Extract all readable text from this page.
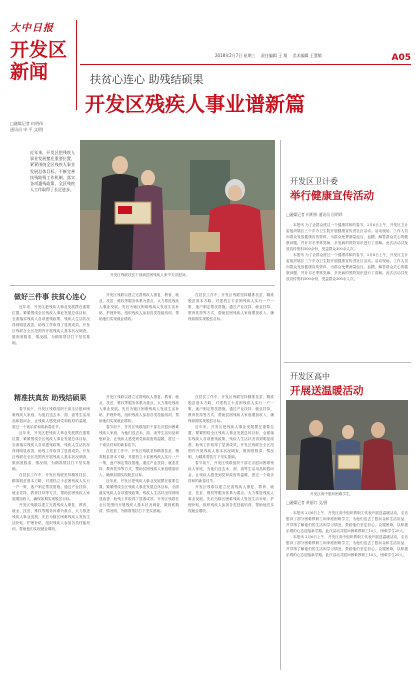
大中日报
开发区
新闻
2018年2月7日 星期三 责任编辑 王 翔 美术编辑 王慧敏	A05
扶贫心连心 助残结硕果
开发区残疾人事业谱新篇
□融媒记者 何明伟
通讯员 申 平 文/图
开发区残联扶贫干部到贫困残疾人家中走访慰问。
近年来，开发区把残疾人事业发展摆在重要位置，紧紧围绕全区残疾人事业发展总体目标，不断完善扶残助残工作机制，落实各项惠残政策，全区残疾人工作取得了长足进步。
做好三件事 扶贫心连心

近年来，开发区把残疾人事业发展摆在重要位置，紧紧围绕全区残疾人事业发展总体目标，全面落实残疾人各项惠残政策，残疾人生活状况得到明显改善，助残工作取得了显著成效。开发区残联在全区范围内开展残疾人基本状况调查，做到底数清、情况明，为精准帮扶打下坚实基础。

开发区残联以建立完善残疾人康复、教育、就业、扶贫、维权等服务体系为重点，大力推进残疾人事业发展。先后为辖区困难残疾人发放生活补贴、护理补贴，组织残疾人参加各类技能培训，帮助他们实现就业增收。

在扶贫工作中，开发区残联坚持精准扶贫、精准脱贫基本方略，对建档立卡贫困残疾人实行一户一策，逐户制定帮扶措施。通过产业扶持、就业扶持、教育扶持等方式，帮助贫困残疾人家庭增加收入，确保如期实现脱贫目标。

精准扶真贫 助残结硕果

春节前夕，开发区残联组织干部走访慰问困难残疾人家庭，为他们送去米、面、油等生活用品和慰问金，让残疾人感受到党和政府的温暖，度过一个欢乐祥和的新春佳节。

近年来，开发区把残疾人事业发展摆在重要位置，紧紧围绕全区残疾人事业发展总体目标，全面落实残疾人各项惠残政策，残疾人生活状况得到明显改善，助残工作取得了显著成效。开发区残联在全区范围内开展残疾人基本状况调查，做到底数清、情况明，为精准帮扶打下坚实基础。

在扶贫工作中，开发区残联坚持精准扶贫、精准脱贫基本方略，对建档立卡贫困残疾人实行一户一策，逐户制定帮扶措施。通过产业扶持、就业扶持、教育扶持等方式，帮助贫困残疾人家庭增加收入，确保如期实现脱贫目标。

开发区残联以建立完善残疾人康复、教育、就业、扶贫、维权等服务体系为重点，大力推进残疾人事业发展。先后为辖区困难残疾人发放生活补贴、护理补贴，组织残疾人参加各类技能培训，帮助他们实现就业增收。

开发区残联以建立完善残疾人康复、教育、就业、扶贫、维权等服务体系为重点，大力推进残疾人事业发展。先后为辖区困难残疾人发放生活补贴、护理补贴，组织残疾人参加各类技能培训，帮助他们实现就业增收。

春节前夕，开发区残联组织干部走访慰问困难残疾人家庭，为他们送去米、面、油等生活用品和慰问金，让残疾人感受到党和政府的温暖，度过一个欢乐祥和的新春佳节。

在扶贫工作中，开发区残联坚持精准扶贫、精准脱贫基本方略，对建档立卡贫困残疾人实行一户一策，逐户制定帮扶措施。通过产业扶持、就业扶持、教育扶持等方式，帮助贫困残疾人家庭增加收入，确保如期实现脱贫目标。

近年来，开发区把残疾人事业发展摆在重要位置，紧紧围绕全区残疾人事业发展总体目标，全面落实残疾人各项惠残政策，残疾人生活状况得到明显改善，助残工作取得了显著成效。开发区残联在全区范围内开展残疾人基本状况调查，做到底数清、情况明，为精准帮扶打下坚实基础。

在扶贫工作中，开发区残联坚持精准扶贫、精准脱贫基本方略，对建档立卡贫困残疾人实行一户一策，逐户制定帮扶措施。通过产业扶持、就业扶持、教育扶持等方式，帮助贫困残疾人家庭增加收入，确保如期实现脱贫目标。

近年来，开发区把残疾人事业发展摆在重要位置，紧紧围绕全区残疾人事业发展总体目标，全面落实残疾人各项惠残政策，残疾人生活状况得到明显改善，助残工作取得了显著成效。开发区残联在全区范围内开展残疾人基本状况调查，做到底数清、情况明，为精准帮扶打下坚实基础。

春节前夕，开发区残联组织干部走访慰问困难残疾人家庭，为他们送去米、面、油等生活用品和慰问金，让残疾人感受到党和政府的温暖，度过一个欢乐祥和的新春佳节。

开发区残联以建立完善残疾人康复、教育、就业、扶贫、维权等服务体系为重点，大力推进残疾人事业发展。先后为辖区困难残疾人发放生活补贴、护理补贴，组织残疾人参加各类技能培训，帮助他们实现就业增收。

开发区卫计委
举行健康宣传活动
□融媒记者 何明伟 通讯员 田明珍

本报讯 为了让群众度过一个健康祥和的春节，2月6日上午，开发区卫计委组织辖区三个乡办卫生院开展健康宣传进社区活动。活动现场，工作人员向群众发放健康宣传资料，为群众免费测量血压、血糖，解答群众关心的健康问题，并针对冬季常见病、多发病的预防知识进行了讲解。此次活动共发放宣传资料500余份，受益群众300余人次。

本报讯 为了让群众度过一个健康祥和的春节，2月6日上午，开发区卫计委组织辖区三个乡办卫生院开展健康宣传进社区活动。活动现场，工作人员向群众发放健康宣传资料，为群众免费测量血压、血糖，解答群众关心的健康问题，并针对冬季常见病、多发病的预防知识进行了讲解。此次活动共发放宣传资料500余份，受益群众300余人次。

开发区高中
开展送温暖活动
开发区高中慰问困难学生。
□融媒记者 黄丽红 文/图

本报讯 2月6日上午，开发区高中组织教职工代表开展送温暖活动，走访慰问了部分困难教职工和家庭困难学生，为他们送去了慰问金和生活用品，并详细了解他们的生活和学习情况，鼓励他们坚定信心、克服困难，以积极乐观的心态迎接新学期。此次活动共慰问困难教职工10人、困难学生20人。

本报讯 2月6日上午，开发区高中组织教职工代表开展送温暖活动，走访慰问了部分困难教职工和家庭困难学生，为他们送去了慰问金和生活用品，并详细了解他们的生活和学习情况，鼓励他们坚定信心、克服困难，以积极乐观的心态迎接新学期。此次活动共慰问困难教职工10人、困难学生20人。
